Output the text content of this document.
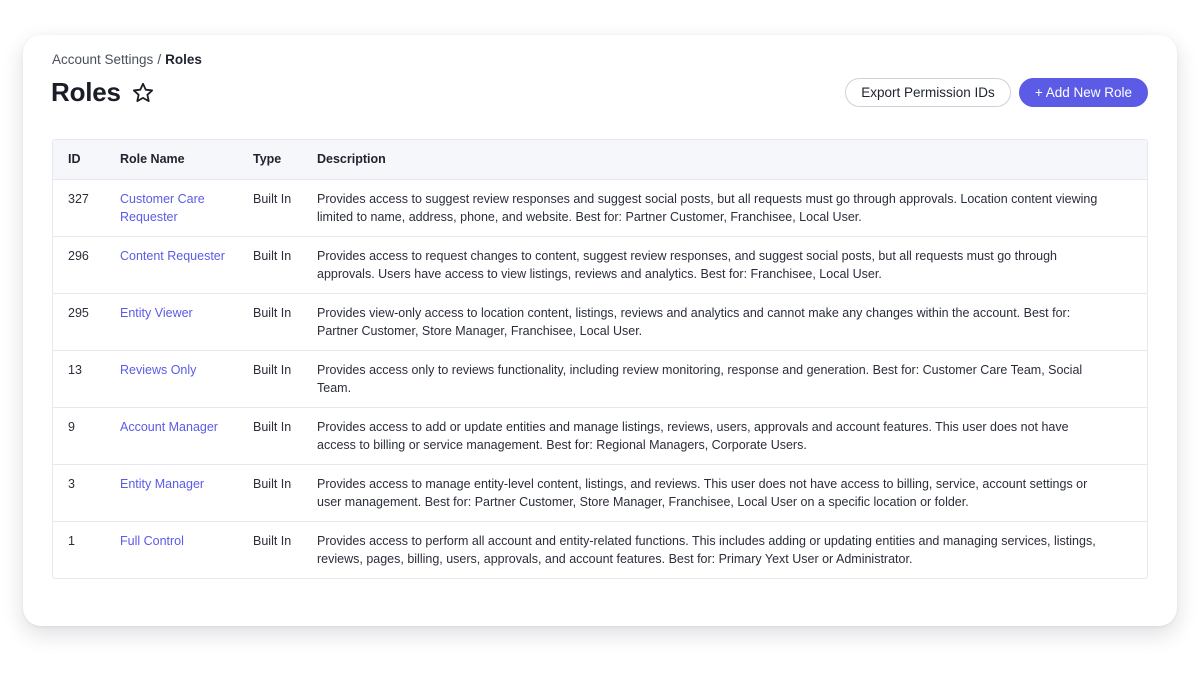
Account Settings / Roles
Roles	Export Permission IDs	+ Add New Role
ID	Role Name	Type	Description
327	Customer Care Requester	Built In	Provides access to suggest review responses and suggest social posts, but all requests must go through approvals. Location content viewing limited to name, address, phone, and website. Best for: Partner Customer, Franchisee, Local User.
296	Content Requester	Built In	Provides access to request changes to content, suggest review responses, and suggest social posts, but all requests must go through approvals. Users have access to view listings, reviews and analytics. Best for: Franchisee, Local User.
295	Entity Viewer	Built In	Provides view-only access to location content, listings, reviews and analytics and cannot make any changes within the account. Best for: Partner Customer, Store Manager, Franchisee, Local User.
13	Reviews Only	Built In	Provides access only to reviews functionality, including review monitoring, response and generation. Best for: Customer Care Team, Social Team.
9	Account Manager	Built In	Provides access to add or update entities and manage listings, reviews, users, approvals and account features. This user does not have access to billing or service management. Best for: Regional Managers, Corporate Users.
3	Entity Manager	Built In	Provides access to manage entity-level content, listings, and reviews. This user does not have access to billing, service, account settings or user management. Best for: Partner Customer, Store Manager, Franchisee, Local User on a specific location or folder.
1	Full Control	Built In	Provides access to perform all account and entity-related functions. This includes adding or updating entities and managing services, listings, reviews, pages, billing, users, approvals, and account features. Best for: Primary Yext User or Administrator.
